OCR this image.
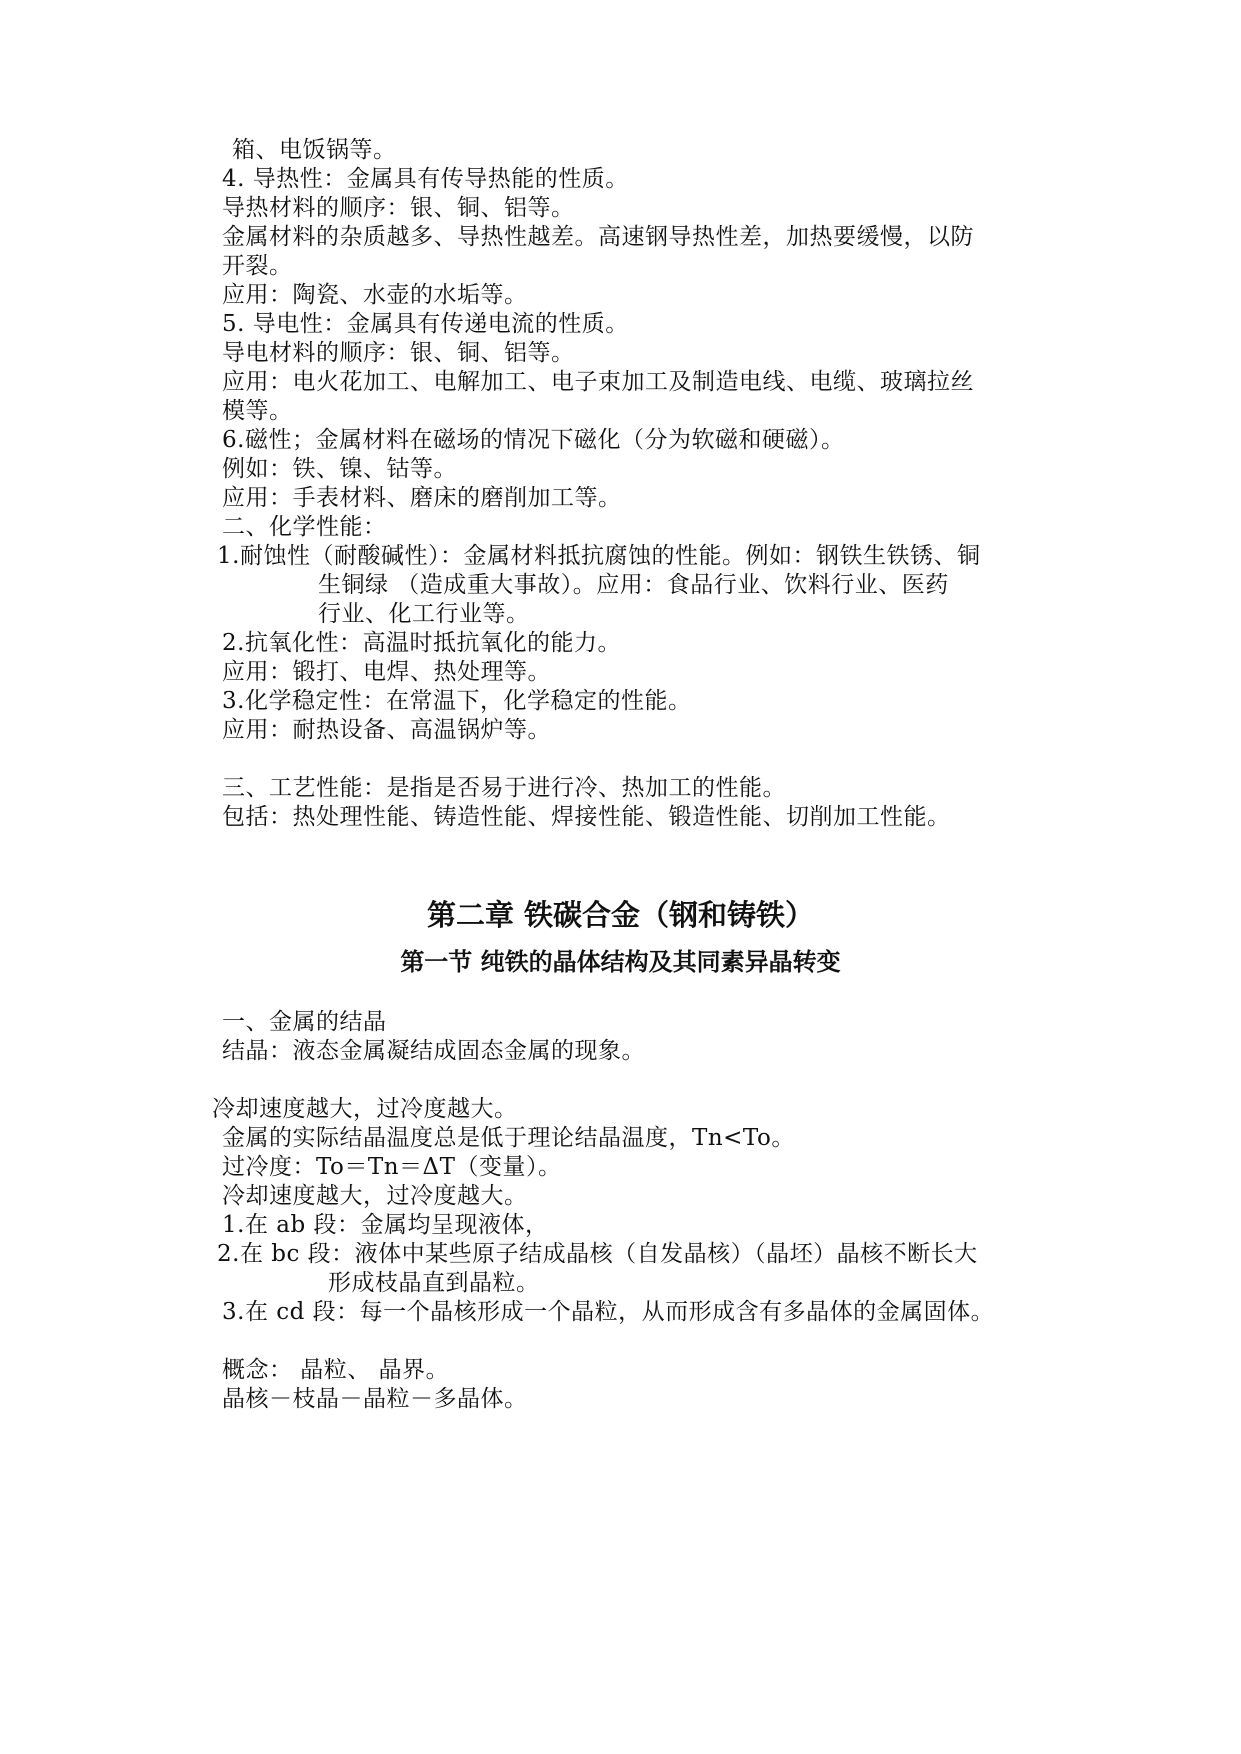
箱、电饭锅等。
4. 导热性：金属具有传导热能的性质。
导热材料的顺序：银、铜、铝等。
金属材料的杂质越多、导热性越差。高速钢导热性差，加热要缓慢，以防
开裂。
应用：陶瓷、水壶的水垢等。
5. 导电性：金属具有传递电流的性质。
导电材料的顺序：银、铜、铝等。
应用：电火花加工、电解加工、电子束加工及制造电线、电缆、玻璃拉丝
模等。
6.磁性；金属材料在磁场的情况下磁化（分为软磁和硬磁）。
例如：铁、镍、钴等。
应用：手表材料、磨床的磨削加工等。
二、化学性能：
1.耐蚀性（耐酸碱性）：金属材料抵抗腐蚀的性能。例如：钢铁生铁锈、铜
生铜绿 （造成重大事故）。应用：食品行业、饮料行业、医药
行业、化工行业等。
2.抗氧化性：高温时抵抗氧化的能力。
应用：锻打、电焊、热处理等。
3.化学稳定性：在常温下，化学稳定的性能。
应用：耐热设备、高温锅炉等。
三、工艺性能：是指是否易于进行冷、热加工的性能。
包括：热处理性能、铸造性能、焊接性能、锻造性能、切削加工性能。
第二章 铁碳合金（钢和铸铁）
第一节 纯铁的晶体结构及其同素异晶转变
一、金属的结晶
结晶：液态金属凝结成固态金属的现象。
冷却速度越大，过冷度越大。
金属的实际结晶温度总是低于理论结晶温度，Tn<To。
过冷度：To＝Tn＝ΔT（变量）。
冷却速度越大，过冷度越大。
1.在 ab 段：金属均呈现液体，
2.在 bc 段：液体中某些原子结成晶核（自发晶核）（晶坯）晶核不断长大
形成枝晶直到晶粒。
3.在 cd 段：每一个晶核形成一个晶粒，从而形成含有多晶体的金属固体。
概念： 晶粒、 晶界。
晶核－枝晶－晶粒－多晶体。
